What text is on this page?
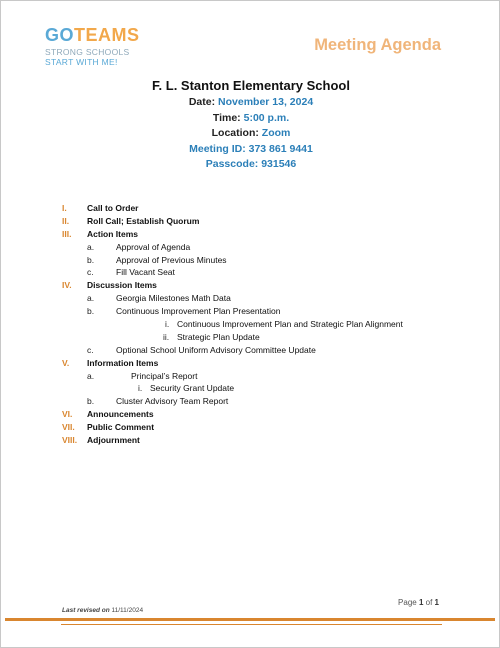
GO TEAMS
STRONG SCHOOLS
START WITH ME!
Meeting Agenda
F. L. Stanton Elementary School
Date: November 13, 2024
Time: 5:00 p.m.
Location: Zoom
Meeting ID: 373 861 9441
Passcode: 931546
I. Call to Order
II. Roll Call; Establish Quorum
III. Action Items
a.	Approval of Agenda
b.	Approval of Previous Minutes
c.	Fill Vacant Seat
IV. Discussion Items
a.	Georgia Milestones Math Data
b.	Continuous Improvement Plan Presentation
i. Continuous Improvement Plan and Strategic Plan Alignment
ii. Strategic Plan Update
c.	Optional School Uniform Advisory Committee Update
V. Information Items
a.	Principal’s Report
i. Security Grant Update
b.	Cluster Advisory Team Report
VI. Announcements
VII. Public Comment
VIII. Adjournment
Page 1 of 1
Last revised on 11/11/2024
